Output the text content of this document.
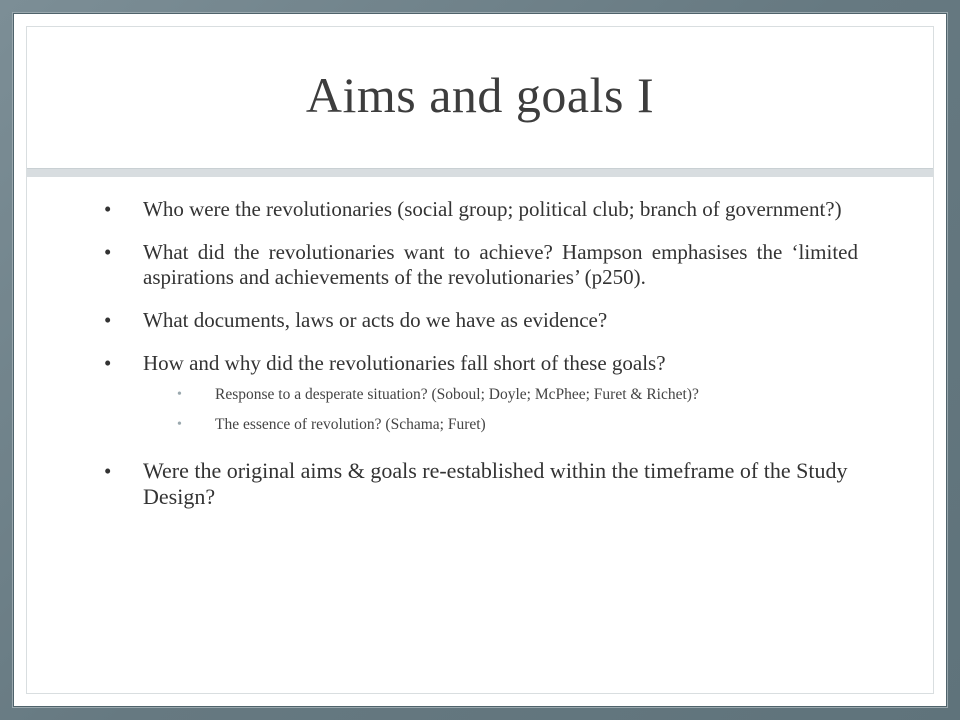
Aims and goals I
• Who were the revolutionaries (social group; political club; branch of government?)
• What did the revolutionaries want to achieve? Hampson emphasises the ‘limited aspirations and achievements of the revolutionaries’ (p250).
• What documents, laws or acts do we have as evidence?
• How and why did the revolutionaries fall short of these goals?
• Response to a desperate situation? (Soboul; Doyle; McPhee; Furet & Richet)?
• The essence of revolution? (Schama; Furet)
• Were the original aims & goals re-established within the timeframe of the Study Design?
